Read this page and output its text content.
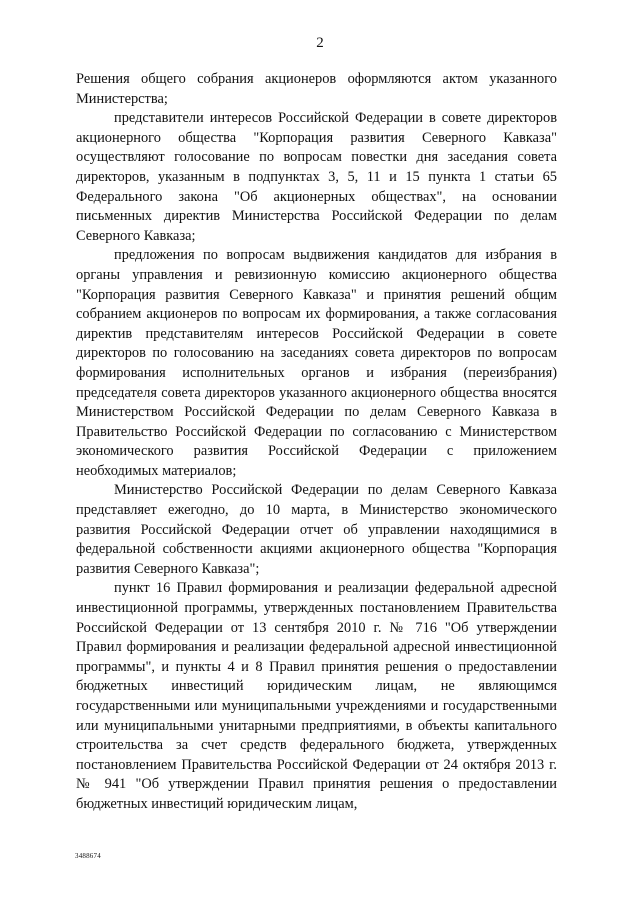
2

Решения общего собрания акционеров оформляются актом указанного Министерства;

представители интересов Российской Федерации в совете директоров акционерного общества "Корпорация развития Северного Кавказа" осуществляют голосование по вопросам повестки дня заседания совета директоров, указанным в подпунктах 3, 5, 11 и 15 пункта 1 статьи 65 Федерального закона "Об акционерных обществах", на основании письменных директив Министерства Российской Федерации по делам Северного Кавказа;

предложения по вопросам выдвижения кандидатов для избрания в органы управления и ревизионную комиссию акционерного общества "Корпорация развития Северного Кавказа" и принятия решений общим собранием акционеров по вопросам их формирования, а также согласования директив представителям интересов Российской Федерации в совете директоров по голосованию на заседаниях совета директоров по вопросам формирования исполнительных органов и избрания (переизбрания) председателя совета директоров указанного акционерного общества вносятся Министерством Российской Федерации по делам Северного Кавказа в Правительство Российской Федерации по согласованию с Министерством экономического развития Российской Федерации с приложением необходимых материалов;

Министерство Российской Федерации по делам Северного Кавказа представляет ежегодно, до 10 марта, в Министерство экономического развития Российской Федерации отчет об управлении находящимися в федеральной собственности акциями акционерного общества "Корпорация развития Северного Кавказа";

пункт 16 Правил формирования и реализации федеральной адресной инвестиционной программы, утвержденных постановлением Правительства Российской Федерации от 13 сентября 2010 г. № 716 "Об утверждении Правил формирования и реализации федеральной адресной инвестиционной программы", и пункты 4 и 8 Правил принятия решения о предоставлении бюджетных инвестиций юридическим лицам, не являющимся государственными или муниципальными учреждениями и государственными или муниципальными унитарными предприятиями, в объекты капитального строительства за счет средств федерального бюджета, утвержденных постановлением Правительства Российской Федерации от 24 октября 2013 г. № 941 "Об утверждении Правил принятия решения о предоставлении бюджетных инвестиций юридическим лицам,

3488674
